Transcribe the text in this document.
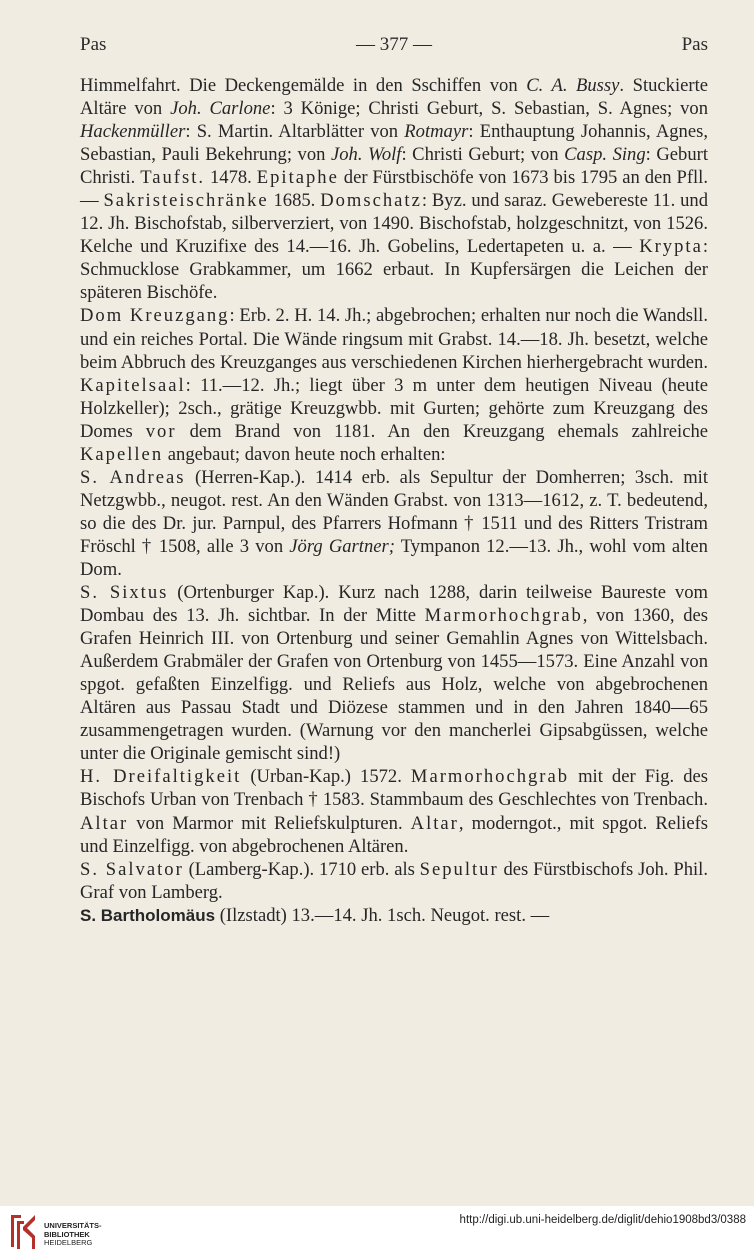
Pas	— 377 —	Pas

Himmelfahrt. Die Deckengemälde in den Sschiffen von C. A. Bussy. Stuckierte Altäre von Joh. Carlone: 3 Könige; Christi Geburt, S. Sebastian, S. Agnes; von Hackenmüller: S. Martin. Altarblätter von Rotmayr: Enthauptung Johannis, Agnes, Sebastian, Pauli Bekehrung; von Joh. Wolf: Christi Geburt; von Casp. Sing: Geburt Christi. Taufst. 1478. Epitaphe der Fürstbischöfe von 1673 bis 1795 an den Pfll. — Sakristeischränke 1685. Domschatz: Byz. und saraz. Gewebereste 11. und 12. Jh. Bischofstab, silberverziert, von 1490. Bischofstab, holzgeschnitzt, von 1526. Kelche und Kruzifixe des 14.—16. Jh. Gobelins, Ledertapeten u. a. — Krypta: Schmucklose Grabkammer, um 1662 erbaut. In Kupfersärgen die Leichen der späteren Bischöfe.

Dom Kreuzgang: Erb. 2. H. 14. Jh.; abgebrochen; erhalten nur noch die Wandsll. und ein reiches Portal. Die Wände ringsum mit Grabst. 14.—18. Jh. besetzt, welche beim Abbruch des Kreuzganges aus verschiedenen Kirchen hierhergebracht wurden.

Kapitelsaal: 11.—12. Jh.; liegt über 3 m unter dem heutigen Niveau (heute Holzkeller); 2sch., grätige Kreuzgwbb. mit Gurten; gehörte zum Kreuzgang des Domes vor dem Brand von 1181. An den Kreuzgang ehemals zahlreiche Kapellen angebaut; davon heute noch erhalten:

S. Andreas (Herren-Kap.). 1414 erb. als Sepultur der Domherren; 3sch. mit Netzgwbb., neugot. rest. An den Wänden Grabst. von 1313—1612, z. T. bedeutend, so die des Dr. jur. Parnpul, des Pfarrers Hofmann † 1511 und des Ritters Tristram Fröschl † 1508, alle 3 von Jörg Gartner; Tympanon 12.—13. Jh., wohl vom alten Dom.

S. Sixtus (Ortenburger Kap.). Kurz nach 1288, darin teilweise Baureste vom Dombau des 13. Jh. sichtbar. In der Mitte Marmorhochgrab, von 1360, des Grafen Heinrich III. von Ortenburg und seiner Gemahlin Agnes von Wittelsbach. Außerdem Grabmäler der Grafen von Ortenburg von 1455—1573. Eine Anzahl von spgot. gefaßten Einzelfigg. und Reliefs aus Holz, welche von abgebrochenen Altären aus Passau Stadt und Diözese stammen und in den Jahren 1840—65 zusammengetragen wurden. (Warnung vor den mancherlei Gipsabgüssen, welche unter die Originale gemischt sind!)

H. Dreifaltigkeit (Urban-Kap.) 1572. Marmorhochgrab mit der Fig. des Bischofs Urban von Trenbach † 1583. Stammbaum des Geschlechtes von Trenbach. Altar von Marmor mit Reliefskulpturen. Altar, moderngot., mit spgot. Reliefs und Einzelfigg. von abgebrochenen Altären.

S. Salvator (Lamberg-Kap.). 1710 erb. als Sepultur des Fürstbischofs Joh. Phil. Graf von Lamberg.

S. Bartholomäus (Ilzstadt) 13.—14. Jh. 1sch. Neugot. rest. —

UNIVERSITÄTS-
BIBLIOTHEK
HEIDELBERG
http://digi.ub.uni-heidelberg.de/diglit/dehio1908bd3/0388
